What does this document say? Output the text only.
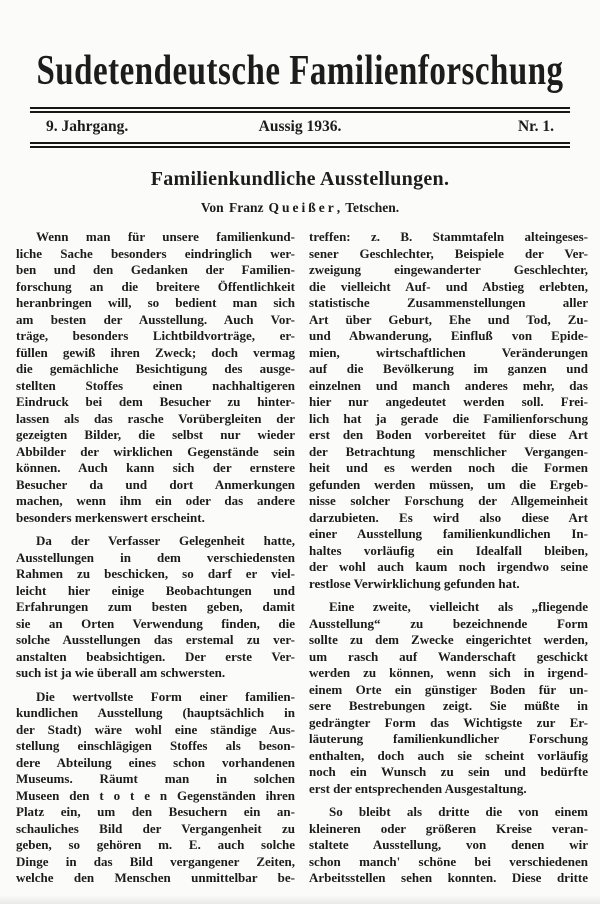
Sudetendeutsche Familienforschung
9. Jahrgang.	Aussig 1936.	Nr. 1.
Familienkundliche Ausstellungen.

Von Franz Queißer, Tetschen.

Wenn man für unsere familienkund-
liche Sache besonders eindringlich wer-
ben und den Gedanken der Familien-
forschung an die breitere Öffentlichkeit
heranbringen will, so bedient man sich
am besten der Ausstellung. Auch Vor-
träge, besonders Lichtbildvorträge, er-
füllen gewiß ihren Zweck; doch vermag
die gemächliche Besichtigung des ausge-
stellten Stoffes einen nachhaltigeren
Eindruck bei dem Besucher zu hinter-
lassen als das rasche Vorübergleiten der
gezeigten Bilder, die selbst nur wieder
Abbilder der wirklichen Gegenstände sein
können. Auch kann sich der ernstere
Besucher da und dort Anmerkungen
machen, wenn ihm ein oder das andere
besonders merkenswert erscheint.
Da der Verfasser Gelegenheit hatte,
Ausstellungen in dem verschiedensten
Rahmen zu beschicken, so darf er viel-
leicht hier einige Beobachtungen und
Erfahrungen zum besten geben, damit
sie an Orten Verwendung finden, die
solche Ausstellungen das erstemal zu ver-
anstalten beabsichtigen. Der erste Ver-
such ist ja wie überall am schwersten.
Die wertvollste Form einer familien-
kundlichen Ausstellung (hauptsächlich in
der Stadt) wäre wohl eine ständige Aus-
stellung einschlägigen Stoffes als beson-
dere Abteilung eines schon vorhandenen
Museums. Räumt man in solchen
Museen den t o t e n Gegenständen ihren
Platz ein, um den Besuchern ein an-
schauliches Bild der Vergangenheit zu
geben, so gehören m. E. auch solche
Dinge in das Bild vergangener Zeiten,
welche den Menschen unmittelbar be-
treffen: z. B. Stammtafeln alteingeses-
sener Geschlechter, Beispiele der Ver-
zweigung eingewanderter Geschlechter,
die vielleicht Auf- und Abstieg erlebten,
statistische Zusammenstellungen aller
Art über Geburt, Ehe und Tod, Zu-
und Abwanderung, Einfluß von Epide-
mien, wirtschaftlichen Veränderungen
auf die Bevölkerung im ganzen und
einzelnen und manch anderes mehr, das
hier nur angedeutet werden soll. Frei-
lich hat ja gerade die Familienforschung
erst den Boden vorbereitet für diese Art
der Betrachtung menschlicher Vergangen-
heit und es werden noch die Formen
gefunden werden müssen, um die Ergeb-
nisse solcher Forschung der Allgemeinheit
darzubieten. Es wird also diese Art
einer Ausstellung familienkundlichen In-
haltes vorläufig ein Idealfall bleiben,
der wohl auch kaum noch irgendwo seine
restlose Verwirklichung gefunden hat.
Eine zweite, vielleicht als „fliegende
Ausstellung“ zu bezeichnende Form
sollte zu dem Zwecke eingerichtet werden,
um rasch auf Wanderschaft geschickt
werden zu können, wenn sich in irgend-
einem Orte ein günstiger Boden für un-
sere Bestrebungen zeigt. Sie müßte in
gedrängter Form das Wichtigste zur Er-
läuterung familienkundlicher Forschung
enthalten, doch auch sie scheint vorläufig
noch ein Wunsch zu sein und bedürfte
erst der entsprechenden Ausgestaltung.
So bleibt als dritte die von einem
kleineren oder größeren Kreise veran-
staltete Ausstellung, von denen wir
schon manch' schöne bei verschiedenen
Arbeitsstellen sehen konnten. Diese dritte
